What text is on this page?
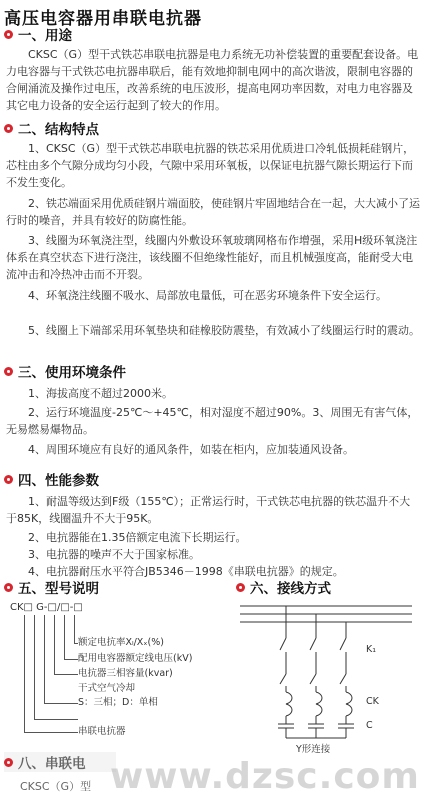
高压电容器用串联电抗器
一、用途

CKSC（G）型干式铁芯串联电抗器是电力系统无功补偿装置的重要配套设备。电力电容器与干式铁芯电抗器串联后，能有效地抑制电网中的高次谐波，限制电容器的合闸涌流及操作过电压，改善系统的电压波形，提高电网功率因数，对电力电容器及其它电力设备的安全运行起到了较大的作用。

二、结构特点

1、CKSC（G）型干式铁芯串联电抗器的铁芯采用优质进口冷轧低损耗硅钢片，芯柱由多个气隙分成均匀小段，气隙中采用环氧板，以保证电抗器气隙长期运行下而不发生变化。

2、铁芯端面采用优质硅钢片端面胶，使硅钢片牢固地结合在一起，大大减小了运行时的噪音，并具有较好的防腐性能。

3、线圈为环氧浇注型，线圈内外敷设环氧玻璃网格布作增强，采用H级环氧浇注体系在真空状态下进行浇注，该线圈不但绝缘性能好，而且机械强度高，能耐受大电流冲击和冷热冲击而不开裂。

4、环氧浇注线圈不吸水、局部放电量低，可在恶劣环境条件下安全运行。

5、线圈上下端部采用环氧垫块和硅橡胶防震垫，有效减小了线圈运行时的震动。

三、使用环境条件

1、海拔高度不超过2000米。

2、运行环境温度-25℃～+45℃，相对湿度不超过90%。3、周围无有害气体，无易燃易爆物品。

4、周围环境应有良好的通风条件，如装在柜内，应加装通风设备。

四、性能参数

1、耐温等级达到F级（155℃）；正常运行时，干式铁芯电抗器的铁芯温升不大于85K，线圈温升不大于95K。

2、电抗器能在1.35倍额定电流下长期运行。

3、电抗器的噪声不大于国家标准。

4、电抗器耐压水平符合JB5346－1998《串联电抗器》的规定。

五、型号说明	六、接线方式
CK□ G-□/□-□
额定电抗率Xₗ/Xₓ(%)
配用电容器额定线电压(kV)
电抗器三相容量(kvar)
干式空气冷却
S：三相；D：单相
串联电抗器
K₁
CK
C
Y形连接
八、串联电
CKSC（G）型 www.dzsc.com
